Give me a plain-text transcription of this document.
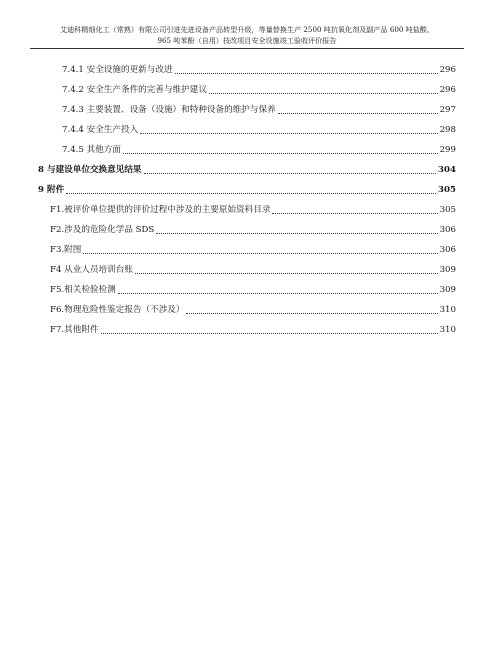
艾迪科精细化工（常熟）有限公司引进先进设备产品转型升级，等量替换生产 2500 吨抗氧化剂及副产品 600 吨盐酸、
965 吨苯酚（自用）技改项目安全设施竣工验收评价报告
7.4.1 安全设施的更新与改进	296
7.4.2 安全生产条件的完善与维护建议	296
7.4.3 主要装置、设备（设施）和特种设备的维护与保养	297
7.4.4 安全生产投入	298
7.4.5 其他方面	299
8 与建设单位交换意见结果	304
9 附件	305
F1.被评价单位提供的评价过程中涉及的主要原始资料目录	305
F2.涉及的危险化学品 SDS	306
F3.附图	306
F4 从业人员培训台账	309
F5.相关检验检测	309
F6.物理危险性鉴定报告（不涉及）	310
F7.其他附件	310
